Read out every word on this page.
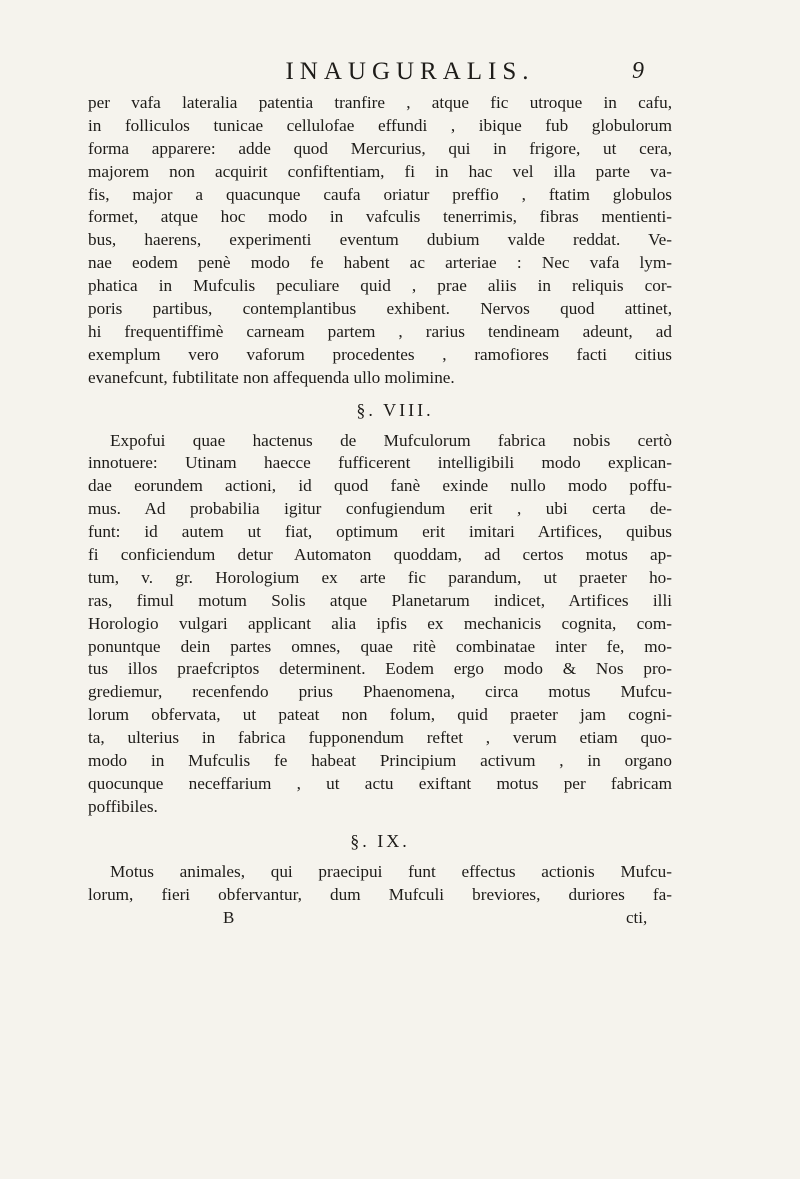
INAUGURALIS.	9
per vafa lateralia patentia tranfire , atque fic utroque in cafu,
in folliculos tunicae cellulofae effundi , ibique fub globulorum
forma apparere: adde quod Mercurius, qui in frigore, ut cera,
majorem non acquirit confiftentiam, fi in hac vel illa parte va-
fis, major a quacunque caufa oriatur preffio , ftatim globulos
formet, atque hoc modo in vafculis tenerrimis, fibras mentienti-
bus, haerens, experimenti eventum dubium valde reddat. Ve-
nae eodem penè modo fe habent ac arteriae : Nec vafa lym-
phatica in Mufculis peculiare quid , prae aliis in reliquis cor-
poris partibus, contemplantibus exhibent. Nervos quod attinet,
hi frequentiffimè carneam partem , rarius tendineam adeunt, ad
exemplum vero vaforum procedentes , ramofiores facti citius
evanefcunt, fubtilitate non affequenda ullo molimine.
§. VIII.
Expofui quae hactenus de Mufculorum fabrica nobis certò
innotuere: Utinam haecce fufficerent intelligibili modo explican-
dae eorundem actioni, id quod fanè exinde nullo modo poffu-
mus. Ad probabilia igitur confugiendum erit , ubi certa de-
funt: id autem ut fiat, optimum erit imitari Artifices, quibus
fi conficiendum detur Automaton quoddam, ad certos motus ap-
tum, v. gr. Horologium ex arte fic parandum, ut praeter ho-
ras, fimul motum Solis atque Planetarum indicet, Artifices illi
Horologio vulgari applicant alia ipfis ex mechanicis cognita, com-
ponuntque dein partes omnes, quae ritè combinatae inter fe, mo-
tus illos praefcriptos determinent. Eodem ergo modo & Nos pro-
grediemur, recenfendo prius Phaenomena, circa motus Mufcu-
lorum obfervata, ut pateat non folum, quid praeter jam cogni-
ta, ulterius in fabrica fupponendum reftet , verum etiam quo-
modo in Mufculis fe habeat Principium activum , in organo
quocunque neceffarium , ut actu exiftant motus per fabricam
poffibiles.
§. IX.
Motus animales, qui praecipui funt effectus actionis Mufcu-
lorum, fieri obfervantur, dum Mufculi breviores, duriores fa-
B	cti,
